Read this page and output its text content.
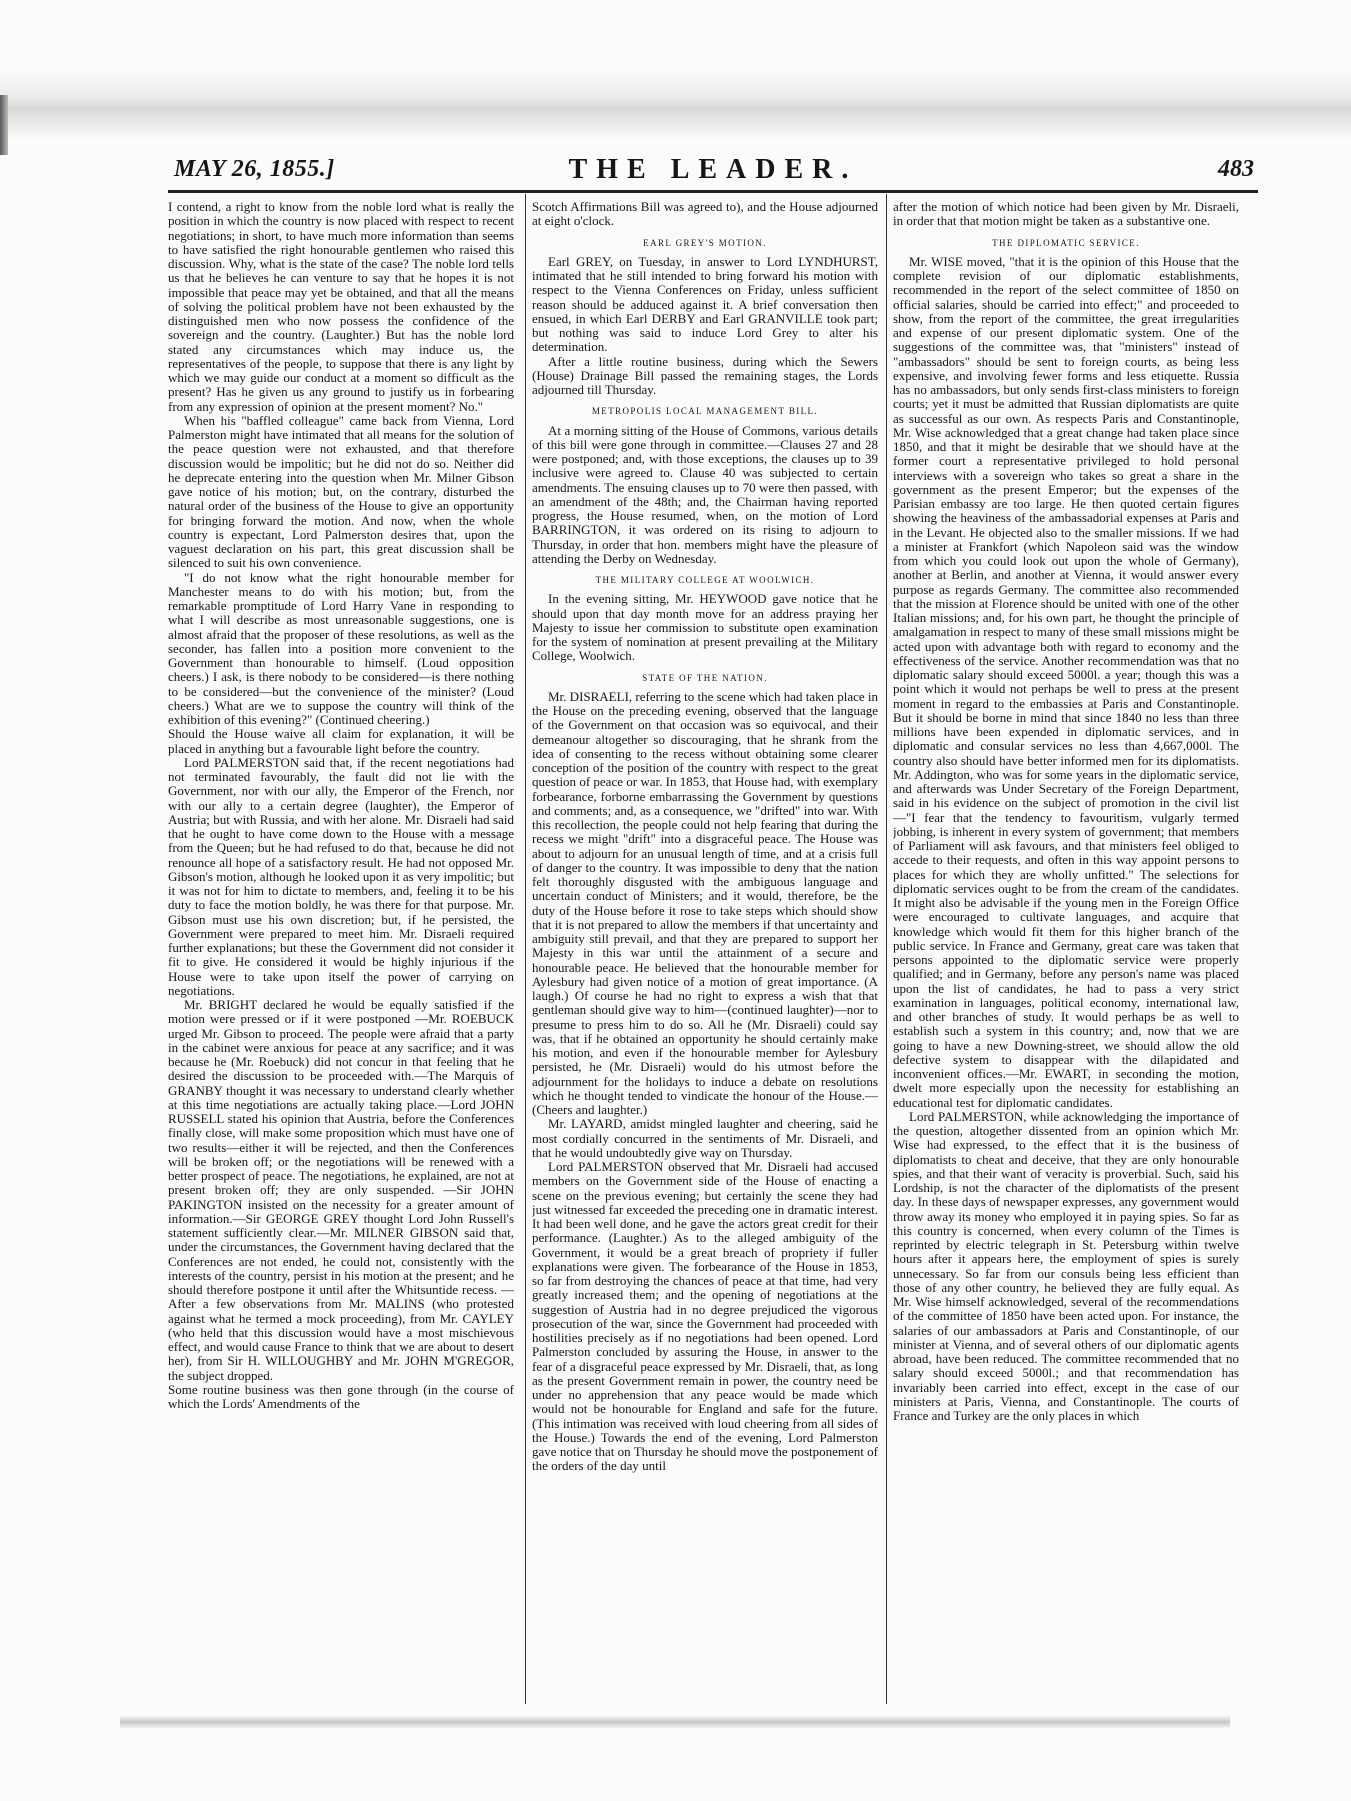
MAY 26, 1855.]	THE LEADER.	483

I contend, a right to know from the noble lord what is really the position in which the country is now placed with respect to recent negotiations; in short, to have much more information than seems to have satisfied the right honourable gentlemen who raised this discussion. Why, what is the state of the case? The noble lord tells us that he believes he can venture to say that he hopes it is not impossible that peace may yet be obtained, and that all the means of solving the political problem have not been exhausted by the distinguished men who now possess the confidence of the sovereign and the country. (Laughter.) But has the noble lord stated any circumstances which may induce us, the representatives of the people, to suppose that there is any light by which we may guide our conduct at a moment so difficult as the present? Has he given us any ground to justify us in forbearing from any expression of opinion at the present moment? No."

When his "baffled colleague" came back from Vienna, Lord Palmerston might have intimated that all means for the solution of the peace question were not exhausted, and that therefore discussion would be impolitic; but he did not do so. Neither did he deprecate entering into the question when Mr. Milner Gibson gave notice of his motion; but, on the contrary, disturbed the natural order of the business of the House to give an opportunity for bringing forward the motion. And now, when the whole country is expectant, Lord Palmerston desires that, upon the vaguest declaration on his part, this great discussion shall be silenced to suit his own convenience.

"I do not know what the right honourable member for Manchester means to do with his motion; but, from the remarkable promptitude of Lord Harry Vane in responding to what I will describe as most unreasonable suggestions, one is almost afraid that the proposer of these resolutions, as well as the seconder, has fallen into a position more convenient to the Government than honourable to himself. (Loud opposition cheers.) I ask, is there nobody to be considered—is there nothing to be considered—but the convenience of the minister? (Loud cheers.) What are we to suppose the country will think of the exhibition of this evening?" (Continued cheering.)

Should the House waive all claim for explanation, it will be placed in anything but a favourable light before the country.

Lord PALMERSTON said that, if the recent negotiations had not terminated favourably, the fault did not lie with the Government, nor with our ally, the Emperor of the French, nor with our ally to a certain degree (laughter), the Emperor of Austria; but with Russia, and with her alone. Mr. Disraeli had said that he ought to have come down to the House with a message from the Queen; but he had refused to do that, because he did not renounce all hope of a satisfactory result. He had not opposed Mr. Gibson's motion, although he looked upon it as very impolitic; but it was not for him to dictate to members, and, feeling it to be his duty to face the motion boldly, he was there for that purpose. Mr. Gibson must use his own discretion; but, if he persisted, the Government were prepared to meet him. Mr. Disraeli required further explanations; but these the Government did not consider it fit to give. He considered it would be highly injurious if the House were to take upon itself the power of carrying on negotiations.

Mr. BRIGHT declared he would be equally satisfied if the motion were pressed or if it were postponed —Mr. ROEBUCK urged Mr. Gibson to proceed. The people were afraid that a party in the cabinet were anxious for peace at any sacrifice; and it was because he (Mr. Roebuck) did not concur in that feeling that he desired the discussion to be proceeded with.—The Marquis of GRANBY thought it was necessary to understand clearly whether at this time negotiations are actually taking place.—Lord JOHN RUSSELL stated his opinion that Austria, before the Conferences finally close, will make some proposition which must have one of two results—either it will be rejected, and then the Conferences will be broken off; or the negotiations will be renewed with a better prospect of peace. The negotiations, he explained, are not at present broken off; they are only suspended. —Sir JOHN PAKINGTON insisted on the necessity for a greater amount of information.—Sir GEORGE GREY thought Lord John Russell's statement sufficiently clear.—Mr. MILNER GIBSON said that, under the circumstances, the Government having declared that the Conferences are not ended, he could not, consistently with the interests of the country, persist in his motion at the present; and he should therefore postpone it until after the Whitsuntide recess. — After a few observations from Mr. MALINS (who protested against what he termed a mock proceeding), from Mr. CAYLEY (who held that this discussion would have a most mischievous effect, and would cause France to think that we are about to desert her), from Sir H. WILLOUGHBY and Mr. JOHN M'GREGOR, the subject dropped.

Some routine business was then gone through (in the course of which the Lords' Amendments of the

Scotch Affirmations Bill was agreed to), and the House adjourned at eight o'clock.

EARL GREY'S MOTION.

Earl GREY, on Tuesday, in answer to Lord LYNDHURST, intimated that he still intended to bring forward his motion with respect to the Vienna Conferences on Friday, unless sufficient reason should be adduced against it. A brief conversation then ensued, in which Earl DERBY and Earl GRANVILLE took part; but nothing was said to induce Lord Grey to alter his determination.

After a little routine business, during which the Sewers (House) Drainage Bill passed the remaining stages, the Lords adjourned till Thursday.

METROPOLIS LOCAL MANAGEMENT BILL.

At a morning sitting of the House of Commons, various details of this bill were gone through in committee.—Clauses 27 and 28 were postponed; and, with those exceptions, the clauses up to 39 inclusive were agreed to. Clause 40 was subjected to certain amendments. The ensuing clauses up to 70 were then passed, with an amendment of the 48th; and, the Chairman having reported progress, the House resumed, when, on the motion of Lord BARRINGTON, it was ordered on its rising to adjourn to Thursday, in order that hon. members might have the pleasure of attending the Derby on Wednesday.

THE MILITARY COLLEGE AT WOOLWICH.

In the evening sitting, Mr. HEYWOOD gave notice that he should upon that day month move for an address praying her Majesty to issue her commission to substitute open examination for the system of nomination at present prevailing at the Military College, Woolwich.

STATE OF THE NATION.

Mr. DISRAELI, referring to the scene which had taken place in the House on the preceding evening, observed that the language of the Government on that occasion was so equivocal, and their demeanour altogether so discouraging, that he shrank from the idea of consenting to the recess without obtaining some clearer conception of the position of the country with respect to the great question of peace or war. In 1853, that House had, with exemplary forbearance, forborne embarrassing the Government by questions and comments; and, as a consequence, we "drifted" into war. With this recollection, the people could not help fearing that during the recess we might "drift" into a disgraceful peace. The House was about to adjourn for an unusual length of time, and at a crisis full of danger to the country. It was impossible to deny that the nation felt thoroughly disgusted with the ambiguous language and uncertain conduct of Ministers; and it would, therefore, be the duty of the House before it rose to take steps which should show that it is not prepared to allow the members if that uncertainty and ambiguity still prevail, and that they are prepared to support her Majesty in this war until the attainment of a secure and honourable peace. He believed that the honourable member for Aylesbury had given notice of a motion of great importance. (A laugh.) Of course he had no right to express a wish that that gentleman should give way to him—(continued laughter)—nor to presume to press him to do so. All he (Mr. Disraeli) could say was, that if he obtained an opportunity he should certainly make his motion, and even if the honourable member for Aylesbury persisted, he (Mr. Disraeli) would do his utmost before the adjournment for the holidays to induce a debate on resolutions which he thought tended to vindicate the honour of the House.—(Cheers and laughter.)

Mr. LAYARD, amidst mingled laughter and cheering, said he most cordially concurred in the sentiments of Mr. Disraeli, and that he would undoubtedly give way on Thursday.

Lord PALMERSTON observed that Mr. Disraeli had accused members on the Government side of the House of enacting a scene on the previous evening; but certainly the scene they had just witnessed far exceeded the preceding one in dramatic interest. It had been well done, and he gave the actors great credit for their performance. (Laughter.) As to the alleged ambiguity of the Government, it would be a great breach of propriety if fuller explanations were given. The forbearance of the House in 1853, so far from destroying the chances of peace at that time, had very greatly increased them; and the opening of negotiations at the suggestion of Austria had in no degree prejudiced the vigorous prosecution of the war, since the Government had proceeded with hostilities precisely as if no negotiations had been opened. Lord Palmerston concluded by assuring the House, in answer to the fear of a disgraceful peace expressed by Mr. Disraeli, that, as long as the present Government remain in power, the country need be under no apprehension that any peace would be made which would not be honourable for England and safe for the future. (This intimation was received with loud cheering from all sides of the House.) Towards the end of the evening, Lord Palmerston gave notice that on Thursday he should move the postponement of the orders of the day until

after the motion of which notice had been given by Mr. Disraeli, in order that that motion might be taken as a substantive one.

THE DIPLOMATIC SERVICE.

Mr. WISE moved, "that it is the opinion of this House that the complete revision of our diplomatic establishments, recommended in the report of the select committee of 1850 on official salaries, should be carried into effect;" and proceeded to show, from the report of the committee, the great irregularities and expense of our present diplomatic system. One of the suggestions of the committee was, that "ministers" instead of "ambassadors" should be sent to foreign courts, as being less expensive, and involving fewer forms and less etiquette. Russia has no ambassadors, but only sends first-class ministers to foreign courts; yet it must be admitted that Russian diplomatists are quite as successful as our own. As respects Paris and Constantinople, Mr. Wise acknowledged that a great change had taken place since 1850, and that it might be desirable that we should have at the former court a representative privileged to hold personal interviews with a sovereign who takes so great a share in the government as the present Emperor; but the expenses of the Parisian embassy are too large. He then quoted certain figures showing the heaviness of the ambassadorial expenses at Paris and in the Levant. He objected also to the smaller missions. If we had a minister at Frankfort (which Napoleon said was the window from which you could look out upon the whole of Germany), another at Berlin, and another at Vienna, it would answer every purpose as regards Germany. The committee also recommended that the mission at Florence should be united with one of the other Italian missions; and, for his own part, he thought the principle of amalgamation in respect to many of these small missions might be acted upon with advantage both with regard to economy and the effectiveness of the service. Another recommendation was that no diplomatic salary should exceed 5000l. a year; though this was a point which it would not perhaps be well to press at the present moment in regard to the embassies at Paris and Constantinople. But it should be borne in mind that since 1840 no less than three millions have been expended in diplomatic services, and in diplomatic and consular services no less than 4,667,000l. The country also should have better informed men for its diplomatists. Mr. Addington, who was for some years in the diplomatic service, and afterwards was Under Secretary of the Foreign Department, said in his evidence on the subject of promotion in the civil list—"I fear that the tendency to favouritism, vulgarly termed jobbing, is inherent in every system of government; that members of Parliament will ask favours, and that ministers feel obliged to accede to their requests, and often in this way appoint persons to places for which they are wholly unfitted." The selections for diplomatic services ought to be from the cream of the candidates. It might also be advisable if the young men in the Foreign Office were encouraged to cultivate languages, and acquire that knowledge which would fit them for this higher branch of the public service. In France and Germany, great care was taken that persons appointed to the diplomatic service were properly qualified; and in Germany, before any person's name was placed upon the list of candidates, he had to pass a very strict examination in languages, political economy, international law, and other branches of study. It would perhaps be as well to establish such a system in this country; and, now that we are going to have a new Downing-street, we should allow the old defective system to disappear with the dilapidated and inconvenient offices.—Mr. EWART, in seconding the motion, dwelt more especially upon the necessity for establishing an educational test for diplomatic candidates.

Lord PALMERSTON, while acknowledging the importance of the question, altogether dissented from an opinion which Mr. Wise had expressed, to the effect that it is the business of diplomatists to cheat and deceive, that they are only honourable spies, and that their want of veracity is proverbial. Such, said his Lordship, is not the character of the diplomatists of the present day. In these days of newspaper expresses, any government would throw away its money who employed it in paying spies. So far as this country is concerned, when every column of the Times is reprinted by electric telegraph in St. Petersburg within twelve hours after it appears here, the employment of spies is surely unnecessary. So far from our consuls being less efficient than those of any other country, he believed they are fully equal. As Mr. Wise himself acknowledged, several of the recommendations of the committee of 1850 have been acted upon. For instance, the salaries of our ambassadors at Paris and Constantinople, of our minister at Vienna, and of several others of our diplomatic agents abroad, have been reduced. The committee recommended that no salary should exceed 5000l.; and that recommendation has invariably been carried into effect, except in the case of our ministers at Paris, Vienna, and Constantinople. The courts of France and Turkey are the only places in which
